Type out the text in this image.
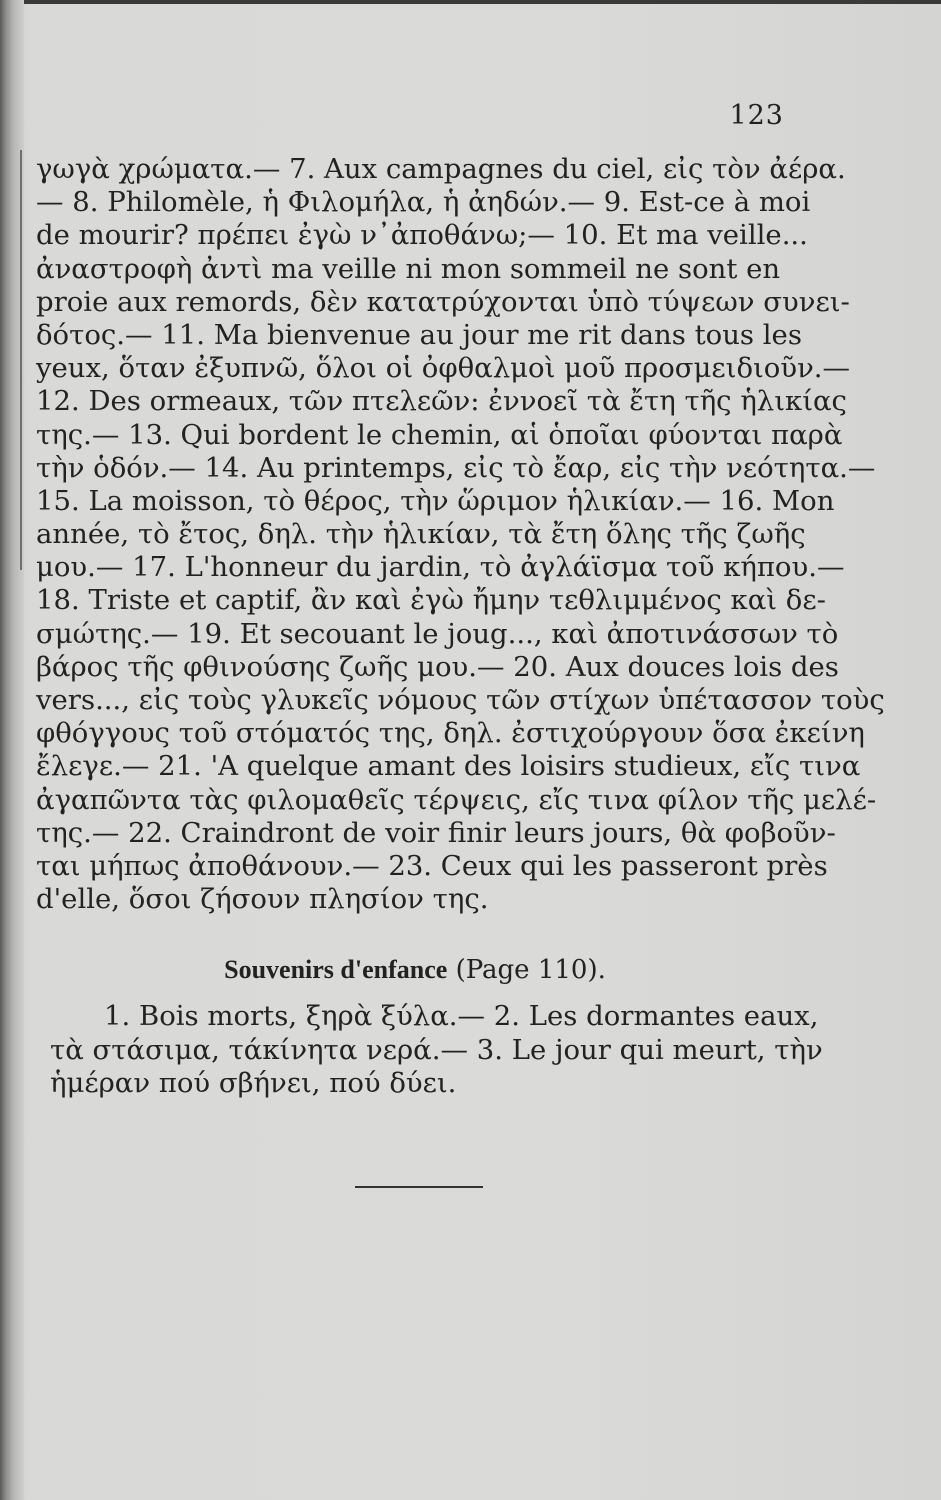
123
γωγὰ χρώματα.— 7. Aux campagnes du ciel, εἰς τὸν ἀέρα.
— 8. Philomèle, ἡ Φιλομήλα, ἡ ἀηδών.— 9. Est-ce à moi
de mourir? πρέπει ἐγὼ ν᾿ἀποθάνω;— 10. Et ma veille...
ἀναστροφὴ ἀντὶ ma veille ni mon sommeil ne sont en
proie aux remords, δὲν κατατρύχονται ὑπὸ τύψεων συνει-
δότος.— 11. Ma bienvenue au jour me rit dans tous les
yeux, ὅταν ἐξυπνῶ, ὅλοι οἱ ὀφθαλμοὶ μοῦ προσμειδιοῦν.—
12. Des ormeaux, τῶν πτελεῶν: ἐννοεῖ τὰ ἔτη τῆς ἡλικίας
της.— 13. Qui bordent le chemin, αἱ ὁποῖαι φύονται παρὰ
τὴν ὁδόν.— 14. Au printemps, εἰς τὸ ἔαρ, εἰς τὴν νεότητα.—
15. La moisson, τὸ θέρος, τὴν ὥριμον ἡλικίαν.— 16. Mon
année, τὸ ἔτος, δηλ. τὴν ἡλικίαν, τὰ ἔτη ὅλης τῆς ζωῆς
μου.— 17. L'honneur du jardin, τὸ ἀγλάϊσμα τοῦ κήπου.—
18. Triste et captif, ἂν καὶ ἐγὼ ἤμην τεθλιμμένος καὶ δε-
σμώτης.— 19. Et secouant le joug..., καὶ ἀποτινάσσων τὸ
βάρος τῆς φθινούσης ζωῆς μου.— 20. Aux douces lois des
vers..., εἰς τοὺς γλυκεῖς νόμους τῶν στίχων ὑπέτασσον τοὺς
φθόγγους τοῦ στόματός της, δηλ. ἐστιχούργουν ὅσα ἐκείνη
ἔλεγε.— 21. 'A quelque amant des loisirs studieux, εἴς τινα
ἀγαπῶντα τὰς φιλομαθεῖς τέρψεις, εἴς τινα φίλον τῆς μελέ-
της.— 22. Craindront de voir finir leurs jours, θὰ φοβοῦν-
ται μήπως ἀποθάνουν.— 23. Ceux qui les passeront près
d'elle, ὅσοι ζήσουν πλησίον της.
Souvenirs d'enfance (Page 110).
1. Bois morts, ξηρὰ ξύλα.— 2. Les dormantes eaux,
τὰ στάσιμα, τάκίνητα νερά.— 3. Le jour qui meurt, τὴν
ἡμέραν πού σβήνει, πού δύει.
